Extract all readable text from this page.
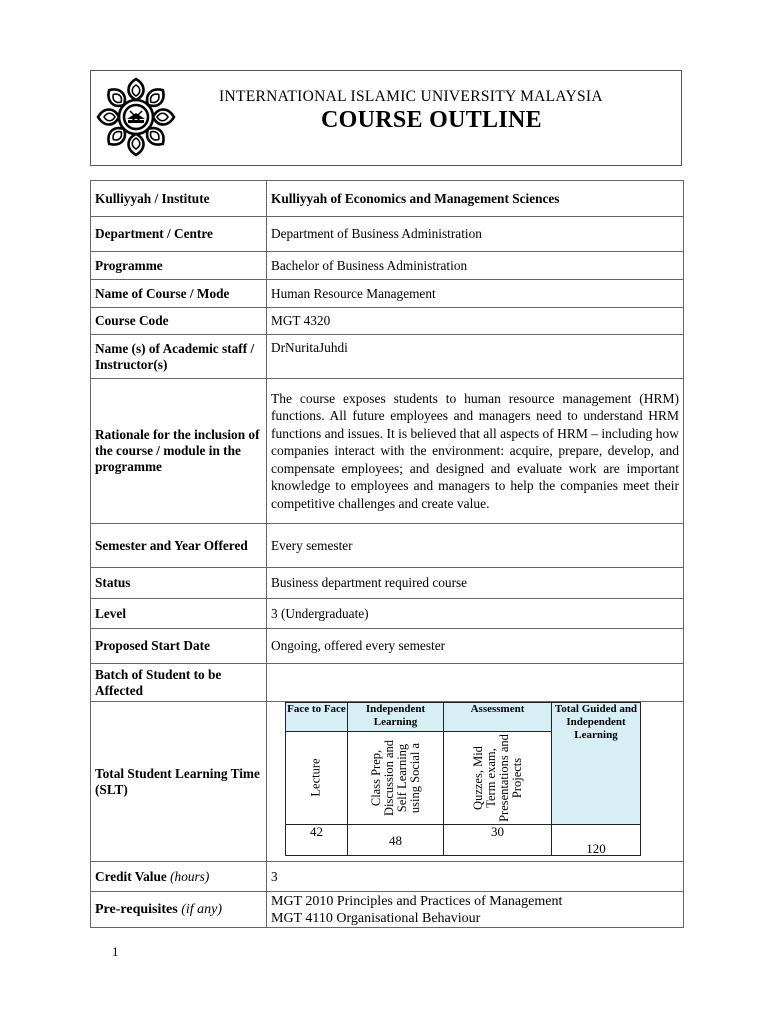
INTERNATIONAL ISLAMIC UNIVERSITY MALAYSIA
COURSE OUTLINE
Kulliyyah / Institute	Kulliyyah of Economics and Management Sciences
Department / Centre	Department of Business Administration
Programme	Bachelor of Business Administration
Name of Course / Mode	Human Resource Management
Course Code	MGT 4320
Name (s) of Academic staff / Instructor(s)	DrNuritaJuhdi
Rationale for the inclusion of the course / module in the programme	The course exposes students to human resource management (HRM) functions. All future employees and managers need to understand HRM functions and issues. It is believed that all aspects of HRM – including how companies interact with the environment: acquire, prepare, develop, and compensate employees; and designed and evaluate work are important knowledge to employees and managers to help the companies meet their competitive challenges and create value.
Semester and Year Offered	Every semester
Status	Business department required course
Level	3 (Undergraduate)
Proposed Start Date	Ongoing, offered every semester
Batch of Student to be Affected	
Total Student Learning Time (SLT)	
Face to Face	Independent Learning	Assessment	Total Guided and Independent Learning
Lecture	Class Prep, Discussion and Self Learning using Social a	Quzzes, Mid Term exam, Presentations and Projects
42	48	30	120

Credit Value (hours)	3
Pre-requisites (if any)	
MGT 2010 Principles and Practices of Management
MGT 4110 Organisational Behaviour
1
